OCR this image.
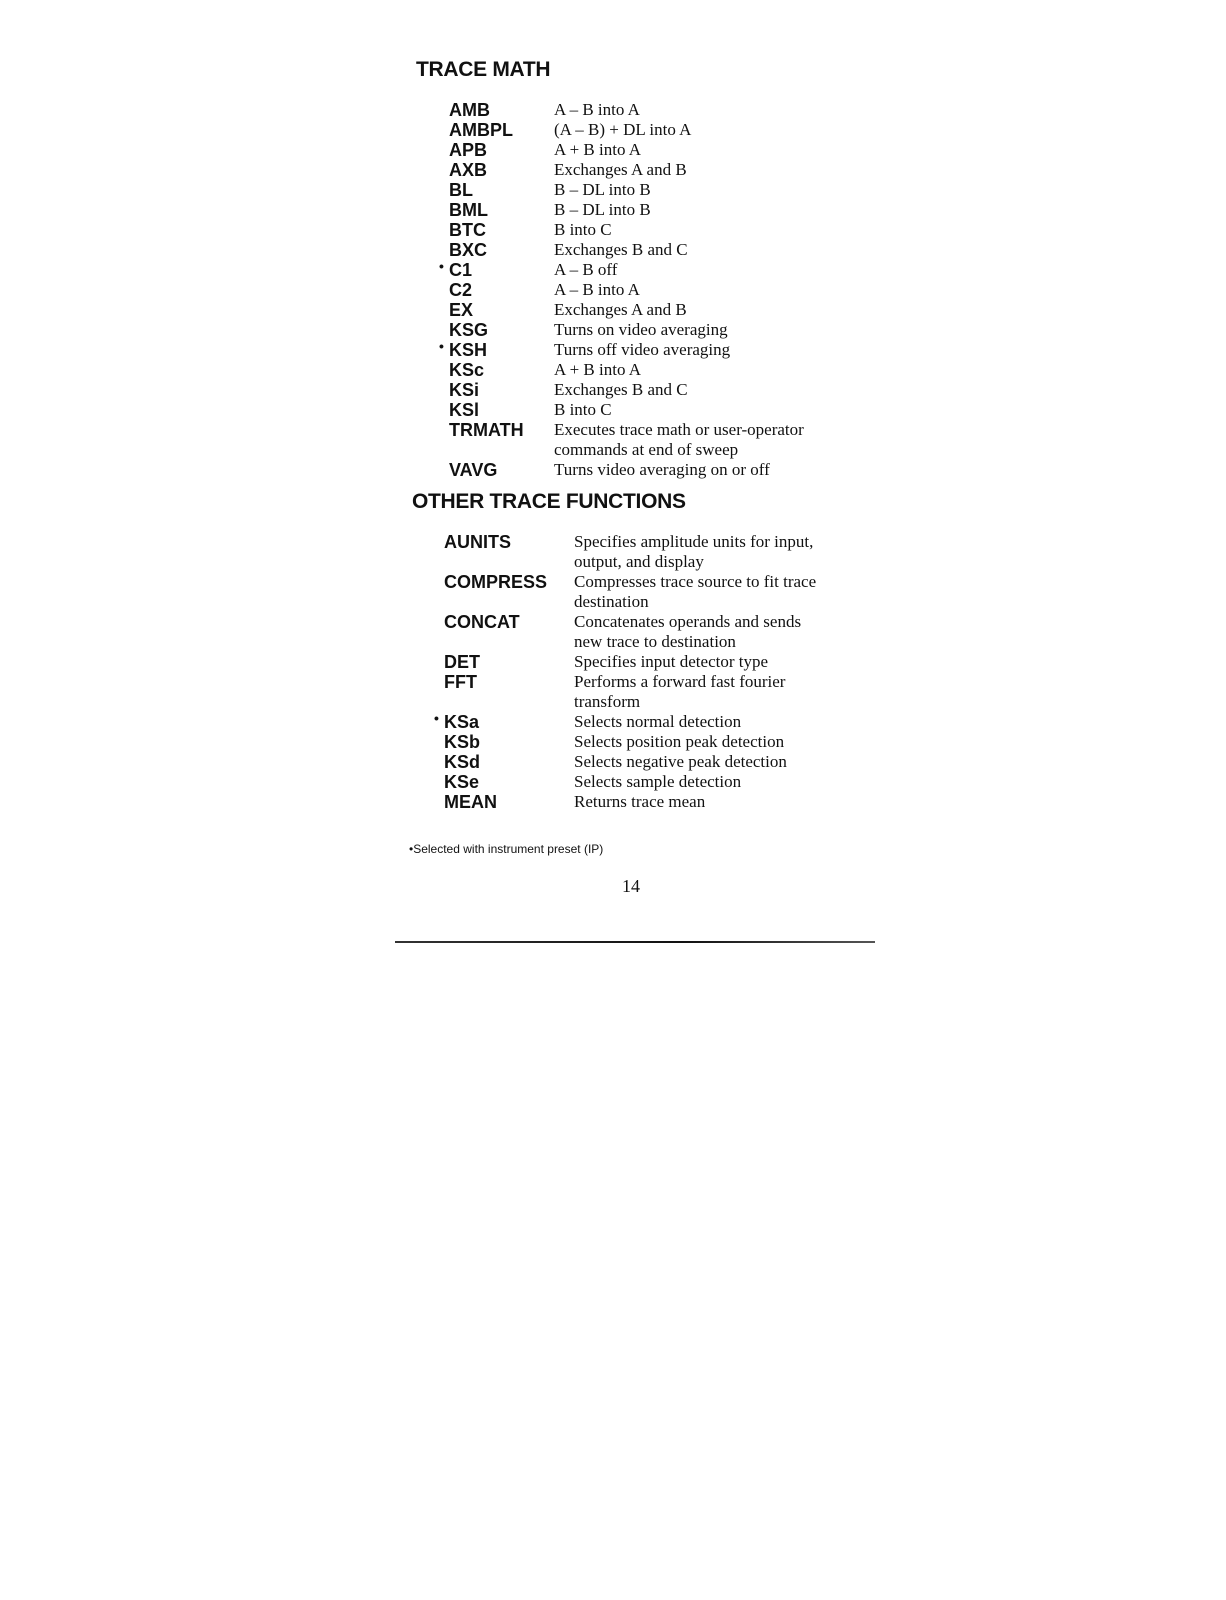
TRACE MATH
AMB	A – B into A
AMBPL	(A – B) + DL into A
APB	A + B into A
AXB	Exchanges A and B
BL	B – DL into B
BML	B – DL into B
BTC	B into C
BXC	Exchanges B and C
• C1	A – B off
C2	A – B into A
EX	Exchanges A and B
KSG	Turns on video averaging
• KSH	Turns off video averaging
KSc	A + B into A
KSi	Exchanges B and C
KSl	B into C
TRMATH	Executes trace math or user-operator
commands at end of sweep
VAVG	Turns video averaging on or off
OTHER TRACE FUNCTIONS
AUNITS	Specifies amplitude units for input,
output, and display
COMPRESS	Compresses trace source to fit trace
destination
CONCAT	Concatenates operands and sends
new trace to destination
DET	Specifies input detector type
FFT	Performs a forward fast fourier
transform
• KSa	Selects normal detection
KSb	Selects position peak detection
KSd	Selects negative peak detection
KSe	Selects sample detection
MEAN	Returns trace mean
•Selected with instrument preset (IP)
14
